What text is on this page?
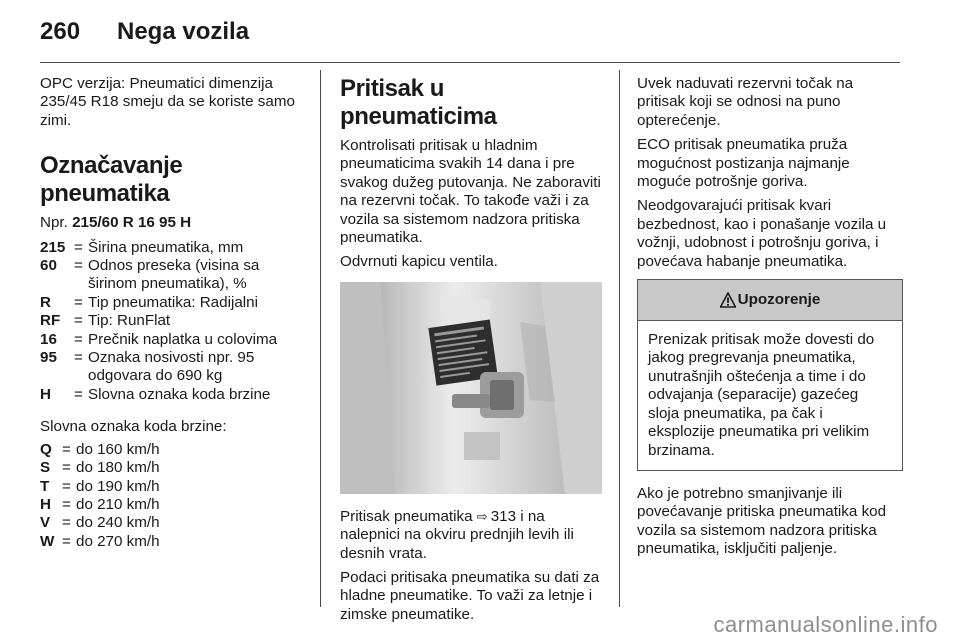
260 Nega vozila

OPC verzija: Pneumatici dimenzija 235/45 R18 smeju da se koriste samo zimi.

Označavanje pneumatika

Npr. 215/60 R 16 95 H

215 = Širina pneumatika, mm
60	= Odnos preseka (visina sa širinom pneumatika), %
R	= Tip pneumatika: Radijalni
RF = Tip: RunFlat
16	= Prečnik naplatka u colovima
95	= Oznaka nosivosti npr. 95 odgovara do 690 kg
H	= Slovna oznaka koda brzine

Slovna oznaka koda brzine:

Q = do 160 km/h
S = do 180 km/h
T = do 190 km/h
H = do 210 km/h
V = do 240 km/h
W = do 270 km/h
Pritisak u pneumaticima

Kontrolisati pritisak u hladnim pneumaticima svakih 14 dana i pre svakog dužeg putovanja. Ne zaboraviti na rezervni točak. To takođe važi i za vozila sa sistemom nadzora pritiska pneumatika.

Odvrnuti kapicu ventila.

Pritisak pneumatika ⇨  313 i na nalepnici na okviru prednjih levih ili desnih vrata.

Podaci pritisaka pneumatika su dati za hladne pneumatike. To važi za letnje i zimske pneumatike.

Uvek naduvati rezervni točak na pritisak koji se odnosi na puno opterećenje.

ECO pritisak pneumatika pruža mogućnost postizanja najmanje moguće potrošnje goriva.

Neodgovarajući pritisak kvari bezbednost, kao i ponašanje vozila u vožnji, udobnost i potrošnju goriva, i povećava habanje pneumatika.

Upozorenje
Prenizak pritisak može dovesti do jakog pregrevanja pneumatika, unutrašnjih oštećenja a time i do odvajanja (separacije) gazećeg sloja pneumatika, pa čak i eksplozije pneumatika pri velikim brzinama.

Ako je potrebno smanjivanje ili povećavanje pritiska pneumatika kod vozila sa sistemom nadzora pritiska pneumatika, isključiti paljenje.

carmanualsonline.info
